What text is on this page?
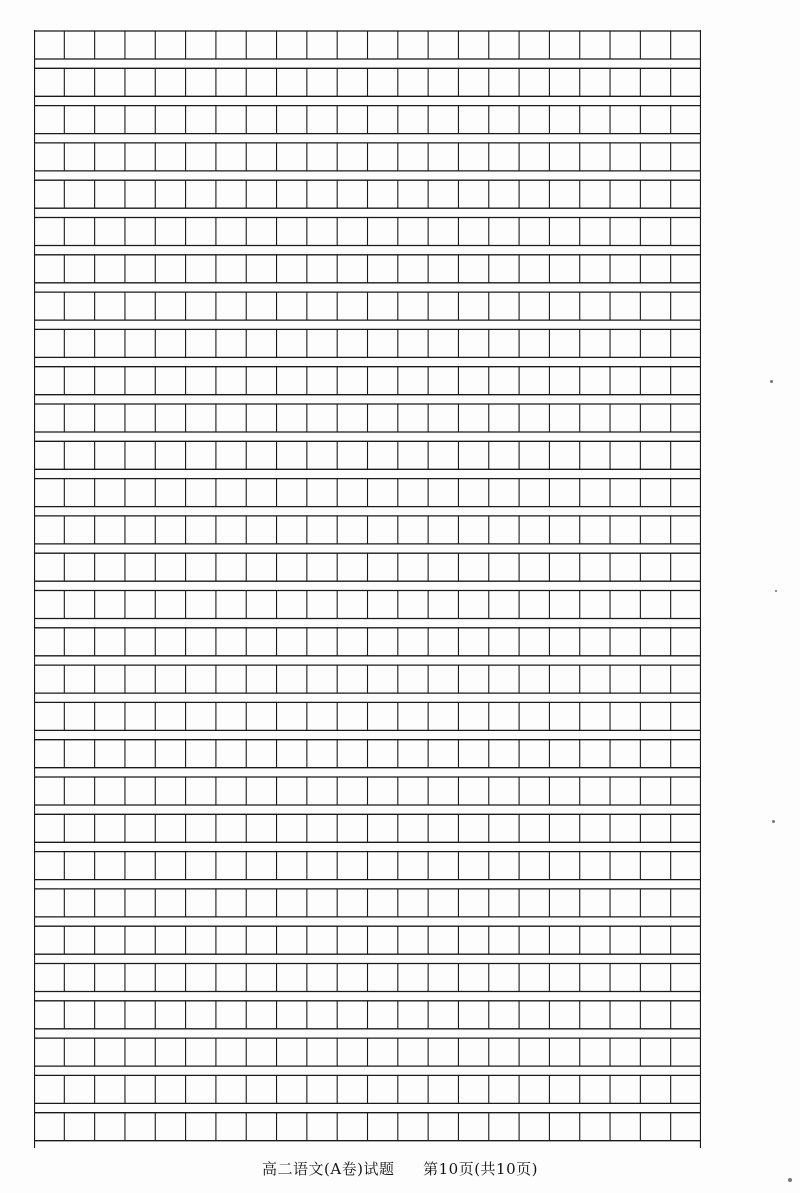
高二语文(A卷)试题 第10页(共10页)
